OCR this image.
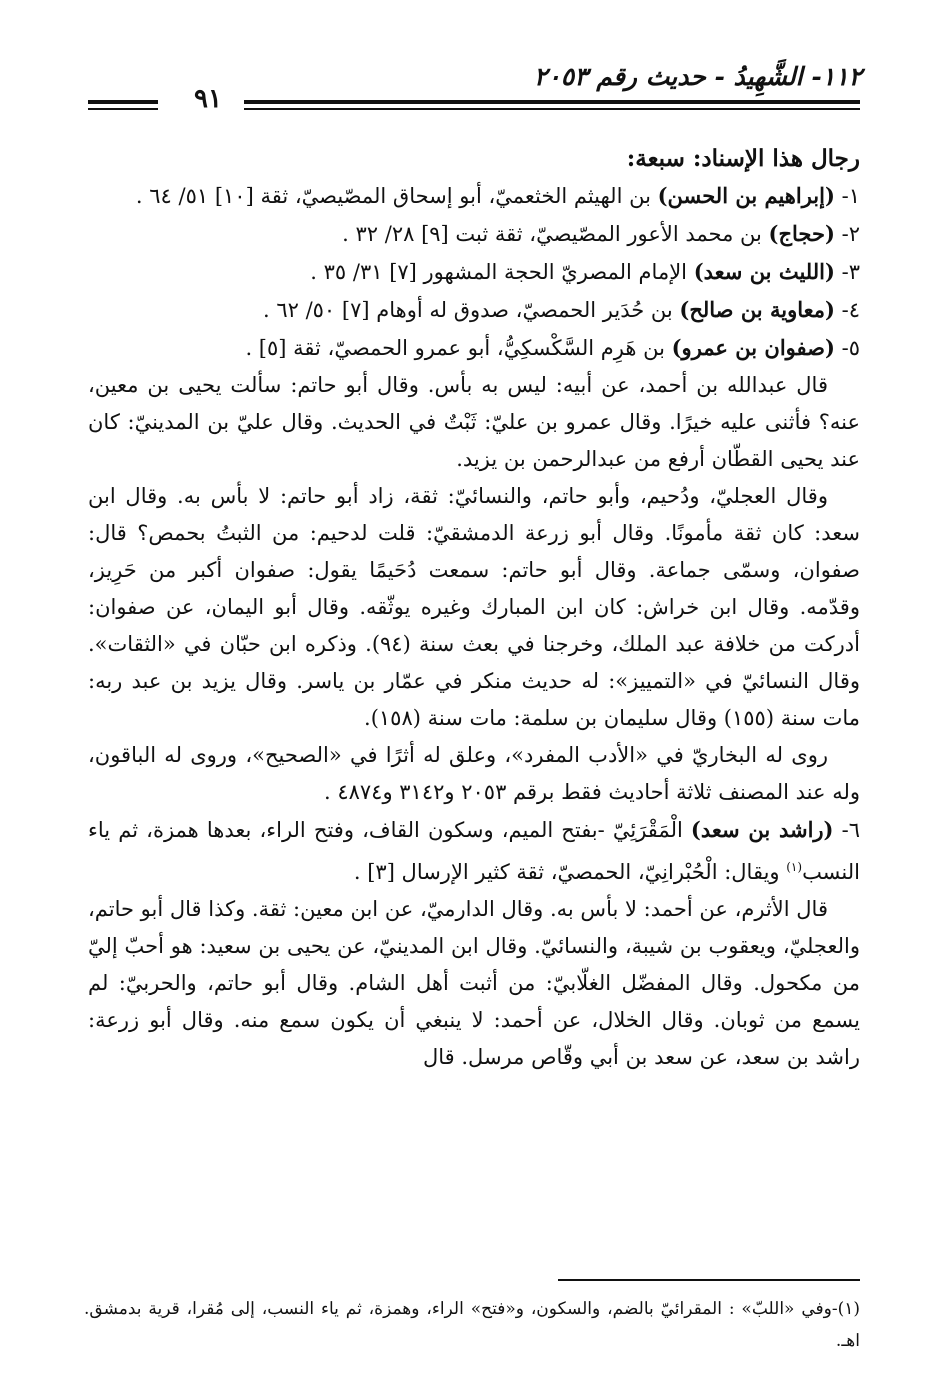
١١٢- الشَّهِيدُ - حديث رقم ٢٠٥٣
٩١

رجال هذا الإسناد: سبعة:

١- (إبراهيم بن الحسن) بن الهيثم الخثعميّ، أبو إسحاق المصّيصيّ، ثقة [١٠] ٥١/ ٦٤ .

٢- (حجاج) بن محمد الأعور المصّيصيّ، ثقة ثبت [٩] ٢٨/ ٣٢ .

٣- (الليث بن سعد) الإمام المصريّ الحجة المشهور [٧] ٣١/ ٣٥ .

٤- (معاوية بن صالح) بن حُدَير الحمصيّ، صدوق له أوهام [٧] ٥٠/ ٦٢ .

٥- (صفوان بن عمرو) بن هَرِم السَّكْسكِيُّ، أبو عمرو الحمصيّ، ثقة [٥] .

قال عبدالله بن أحمد، عن أبيه: ليس به بأس. وقال أبو حاتم: سألت يحيى بن معين، عنه؟ فأثنى عليه خيرًا. وقال عمرو بن عليّ: ثَبْتٌ في الحديث. وقال عليّ بن المدينيّ: كان عند يحيى القطّان أرفع من عبدالرحمن بن يزيد.

وقال العجليّ، ودُحيم، وأبو حاتم، والنسائيّ: ثقة، زاد أبو حاتم: لا بأس به. وقال ابن سعد: كان ثقة مأمونًا. وقال أبو زرعة الدمشقيّ: قلت لدحيم: من الثبتُ بحمص؟ قال: صفوان، وسمّى جماعة. وقال أبو حاتم: سمعت دُحَيمًا يقول: صفوان أكبر من حَرِيز، وقدّمه. وقال ابن خراش: كان ابن المبارك وغيره يوثّقه. وقال أبو اليمان، عن صفوان: أدركت من خلافة عبد الملك، وخرجنا في بعث سنة (٩٤). وذكره ابن حبّان في «الثقات». وقال النسائيّ في «التمييز»: له حديث منكر في عمّار بن ياسر. وقال يزيد بن عبد ربه: مات سنة (١٥٥) وقال سليمان بن سلمة: مات سنة (١٥٨).

روى له البخاريّ في «الأدب المفرد»، وعلق له أثرًا في «الصحيح»، وروى له الباقون، وله عند المصنف ثلاثة أحاديث فقط برقم ٢٠٥٣ و٣١٤٢ و٤٨٧٤ .

٦- (راشد بن سعد) الْمَقْرَئِيّ -بفتح الميم، وسكون القاف، وفتح الراء، بعدها همزة، ثم ياء النسب$^{(١)}$ ويقال: الْحُبْرانِيّ، الحمصيّ، ثقة كثير الإرسال [٣] .

قال الأثرم، عن أحمد: لا بأس به. وقال الدارميّ، عن ابن معين: ثقة. وكذا قال أبو حاتم، والعجليّ، ويعقوب بن شيبة، والنسائيّ. وقال ابن المدينيّ، عن يحيى بن سعيد: هو أحبّ إليّ من مكحول. وقال المفضّل الغلّابيّ: من أثبت أهل الشام. وقال أبو حاتم، والحربيّ: لم يسمع من ثوبان. وقال الخلال، عن أحمد: لا ينبغي أن يكون سمع منه. وقال أبو زرعة: راشد بن سعد، عن سعد بن أبي وقّاص مرسل. قال

(١)-وفي «اللبّ» : المقرائيّ بالضم، والسكون، و«فتح» الراء، وهمزة، ثم ياء النسب، إلى مُقرا، قرية بدمشق. اهـ.
